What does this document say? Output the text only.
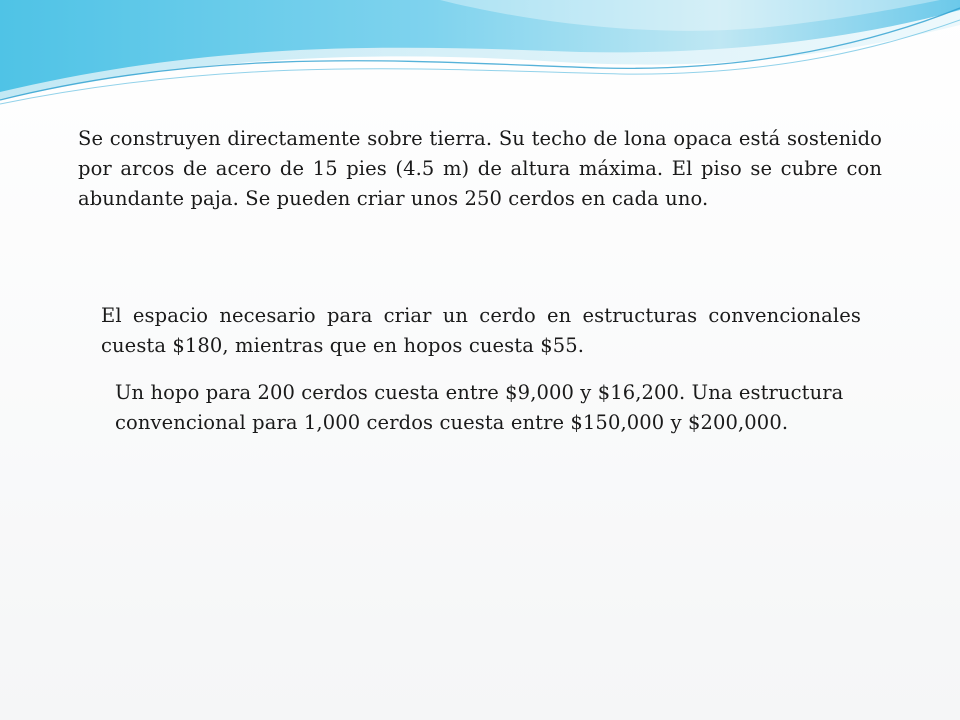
Se construyen directamente sobre tierra. Su techo de lona opaca está sostenido por arcos de acero de 15 pies (4.5 m) de altura máxima. El piso se cubre con abundante paja. Se pueden criar unos 250 cerdos en cada uno.

El espacio necesario para criar un cerdo en estructuras convencionales cuesta $180, mientras que en hopos cuesta $55.

Un hopo para 200 cerdos cuesta entre $9,000 y $16,200. Una estructura convencional para 1,000 cerdos cuesta entre $150,000 y $200,000.
